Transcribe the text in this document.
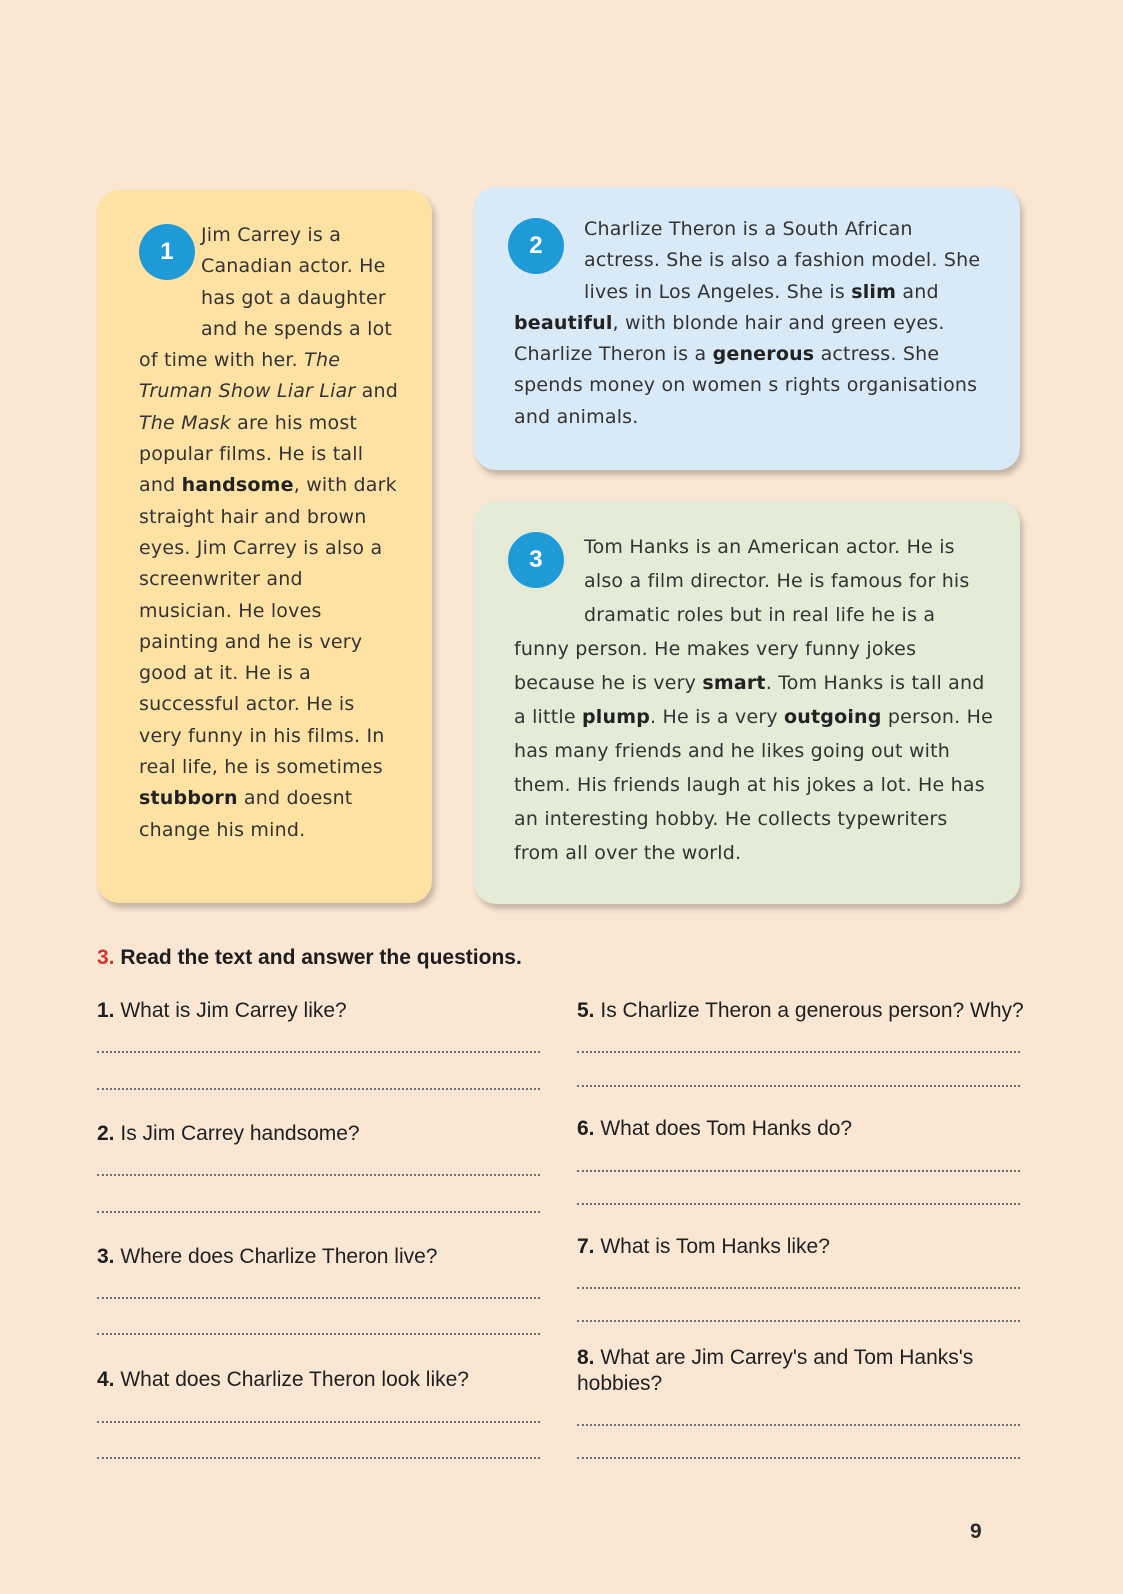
1
Jim Carrey is a Canadian actor. He has got a daughter and he spends a lot of time with her. The Truman Show Liar Liar and The Mask are his most popular films. He is tall and handsome, with dark straight hair and brown eyes. Jim Carrey is also a screenwriter and musician. He loves painting and he is very good at it. He is a successful actor. He is very funny in his films. In real life, he is sometimes stubborn and doesnt change his mind.

2
Charlize Theron is a South African actress. She is also a fashion model. She lives in Los Angeles. She is slim and beautiful, with blonde hair and green eyes. Charlize Theron is a generous actress. She spends money on women s rights organisations and animals.

3	Tom Hanks is an American actor. He is also a film director. He is famous for his dramatic roles but in real life he is a funny person. He makes very funny jokes because he is very smart. Tom Hanks is tall and a little plump. He is a very outgoing person. He has many friends and he likes going out with them. His friends laugh at his jokes a lot. He has an interesting hobby. He collects typewriters from all over the world.

3. Read the text and answer the questions.

1. What is Jim Carrey like?

2. Is Jim Carrey handsome?

3. Where does Charlize Theron live?

4. What does Charlize Theron look like?

5. Is Charlize Theron a generous person? Why?

6. What does Tom Hanks do?

7. What is Tom Hanks like?

8. What are Jim Carrey's and Tom Hanks's hobbies?

9
